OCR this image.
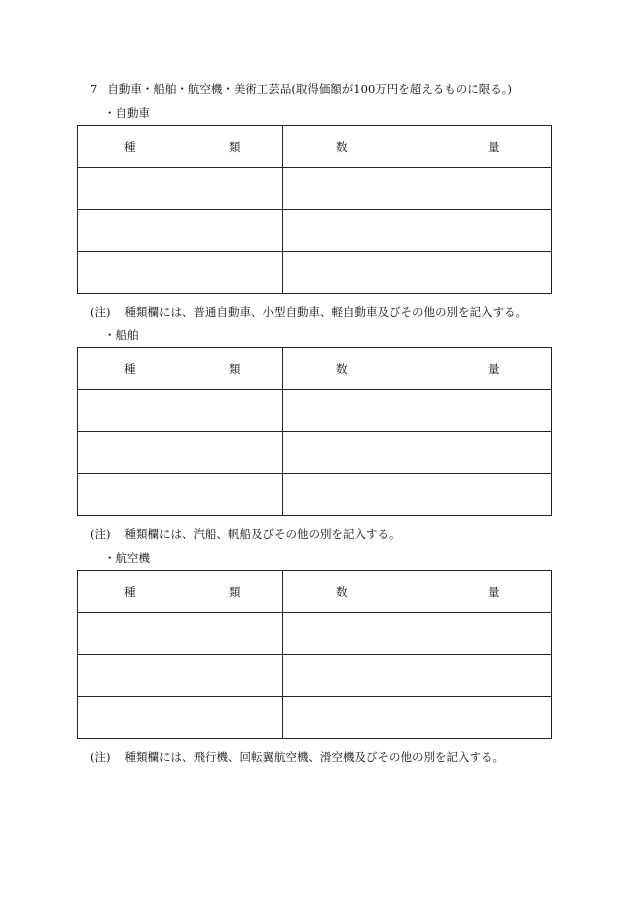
7 自動車・船舶・航空機・美術工芸品(取得価額が100万円を超えるものに限る。)
・自動車
種 類	数 量

(注) 種類欄には、普通自動車、小型自動車、軽自動車及びその他の別を記入する。
・船舶
種 類	数 量

(注) 種類欄には、汽船、帆船及びその他の別を記入する。
・航空機
種 類	数 量

(注) 種類欄には、飛行機、回転翼航空機、滑空機及びその他の別を記入する。
